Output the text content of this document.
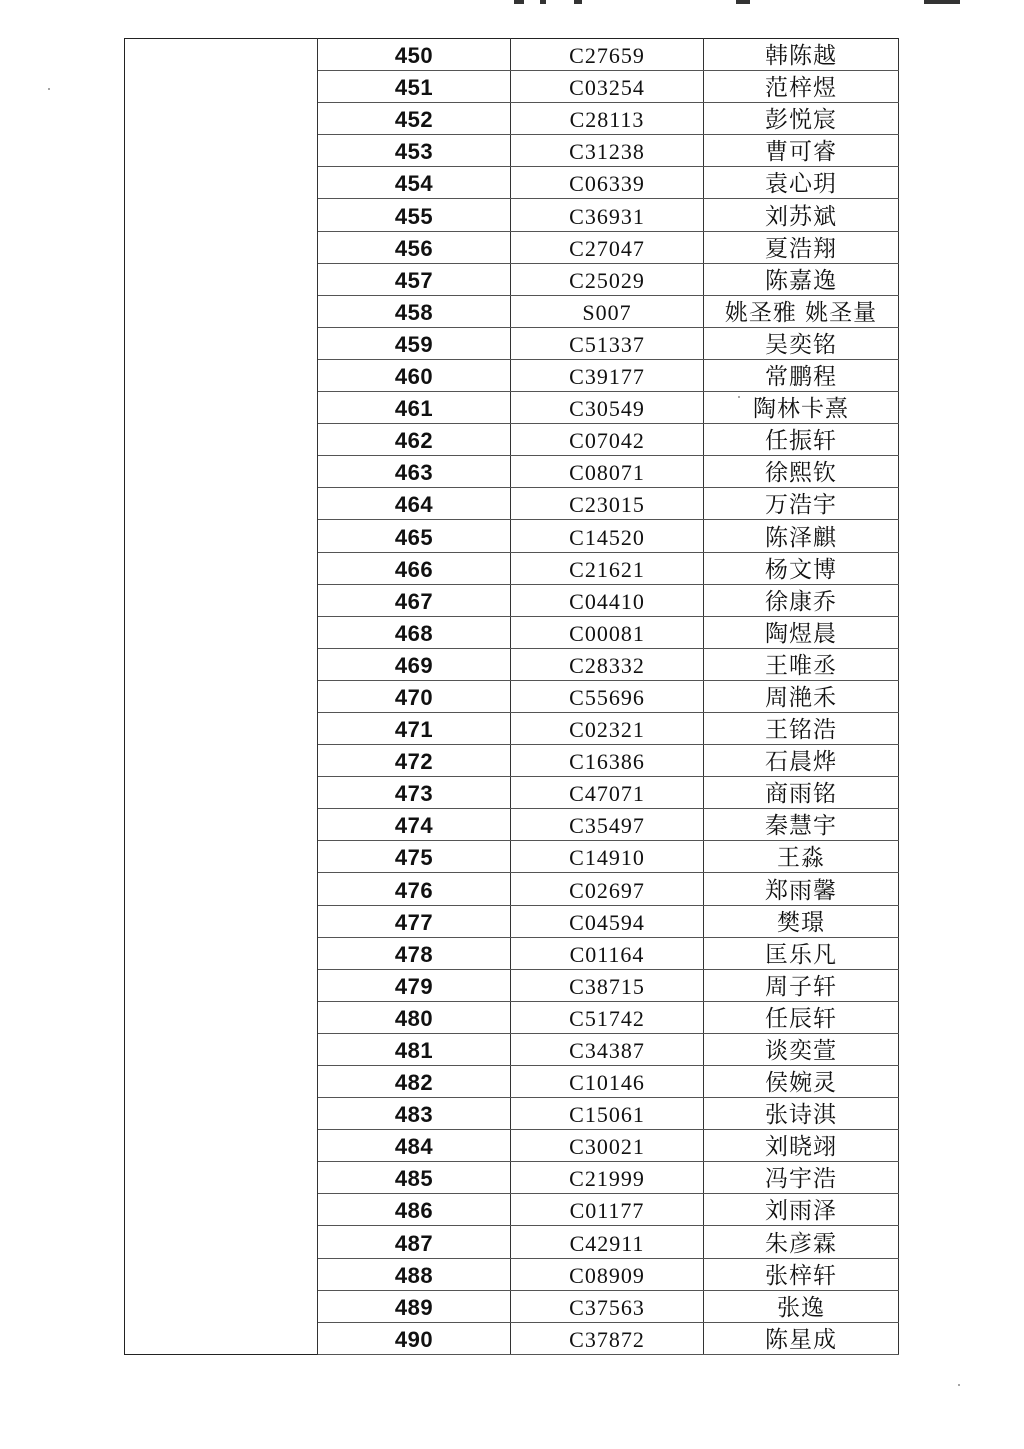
	450	C27659	韩陈越
	451	C03254	范梓煜
	452	C28113	彭悦宸
	453	C31238	曹可睿
	454	C06339	袁心玥
	455	C36931	刘苏斌
	456	C27047	夏浩翔
	457	C25029	陈嘉逸
	458	S007	姚圣雅 姚圣量
	459	C51337	吴奕铭
	460	C39177	常鹏程
	461	C30549	陶林卡熹
	462	C07042	任振轩
	463	C08071	徐熙钦
	464	C23015	万浩宇
	465	C14520	陈泽麒
	466	C21621	杨文博
	467	C04410	徐康乔
	468	C00081	陶煜晨
	469	C28332	王唯丞
	470	C55696	周滟禾
	471	C02321	王铭浩
	472	C16386	石晨烨
	473	C47071	商雨铭
	474	C35497	秦慧宇
	475	C14910	王淼
	476	C02697	郑雨馨
	477	C04594	樊璟
	478	C01164	匡乐凡
	479	C38715	周子轩
	480	C51742	任辰轩
	481	C34387	谈奕萱
	482	C10146	侯婉灵
	483	C15061	张诗淇
	484	C30021	刘晓翊
	485	C21999	冯宇浩
	486	C01177	刘雨泽
	487	C42911	朱彦霖
	488	C08909	张梓轩
	489	C37563	张逸
	490	C37872	陈星成
